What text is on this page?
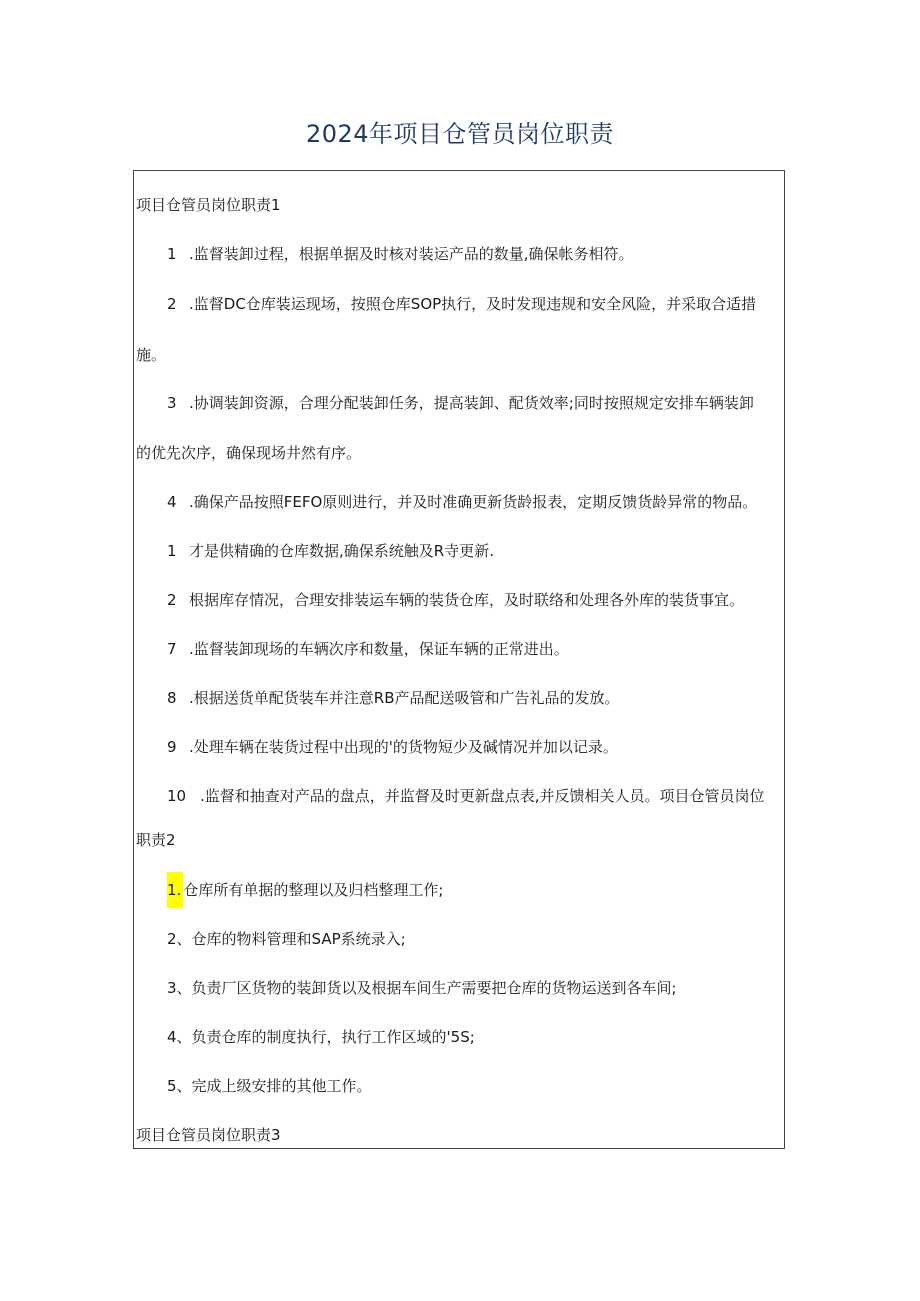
2024年项目仓管员岗位职责

项目仓管员岗位职责1

1 .监督装卸过程，根据单据及时核对装运产品的数量,确保帐务相符。

2 .监督DC仓库装运现场，按照仓库SOP执行，及时发现违规和安全风险，并采取合适措

施。

3 .协调装卸资源，合理分配装卸任务，提高装卸、配货效率;同时按照规定安排车辆装卸

的优先次序，确保现场井然有序。

4 .确保产品按照FEFO原则进行，并及时准确更新货龄报表，定期反馈货龄异常的物品。

1 才是供精确的仓库数据,确保系统触及R寺更新.

2 根据库存情况，合理安排装运车辆的装货仓库，及时联络和处理各外库的装货事宜。

7 .监督装卸现场的车辆次序和数量，保证车辆的正常进出。

8 .根据送货单配货装车并注意RB产品配送吸管和广告礼品的发放。

9 .处理车辆在装货过程中出现的'的货物短少及碱情况并加以记录。

10 .监督和抽查对产品的盘点，并监督及时更新盘点表,并反馈相关人员。项目仓管员岗位

职责2

1. 仓库所有单据的整理以及归档整理工作;

2、仓库的物料管理和SAP系统录入;

3、负责厂区货物的装卸货以及根据车间生产需要把仓库的货物运送到各车间;

4、负责仓库的制度执行，执行工作区域的'5S;

5、完成上级安排的其他工作。

项目仓管员岗位职责3
